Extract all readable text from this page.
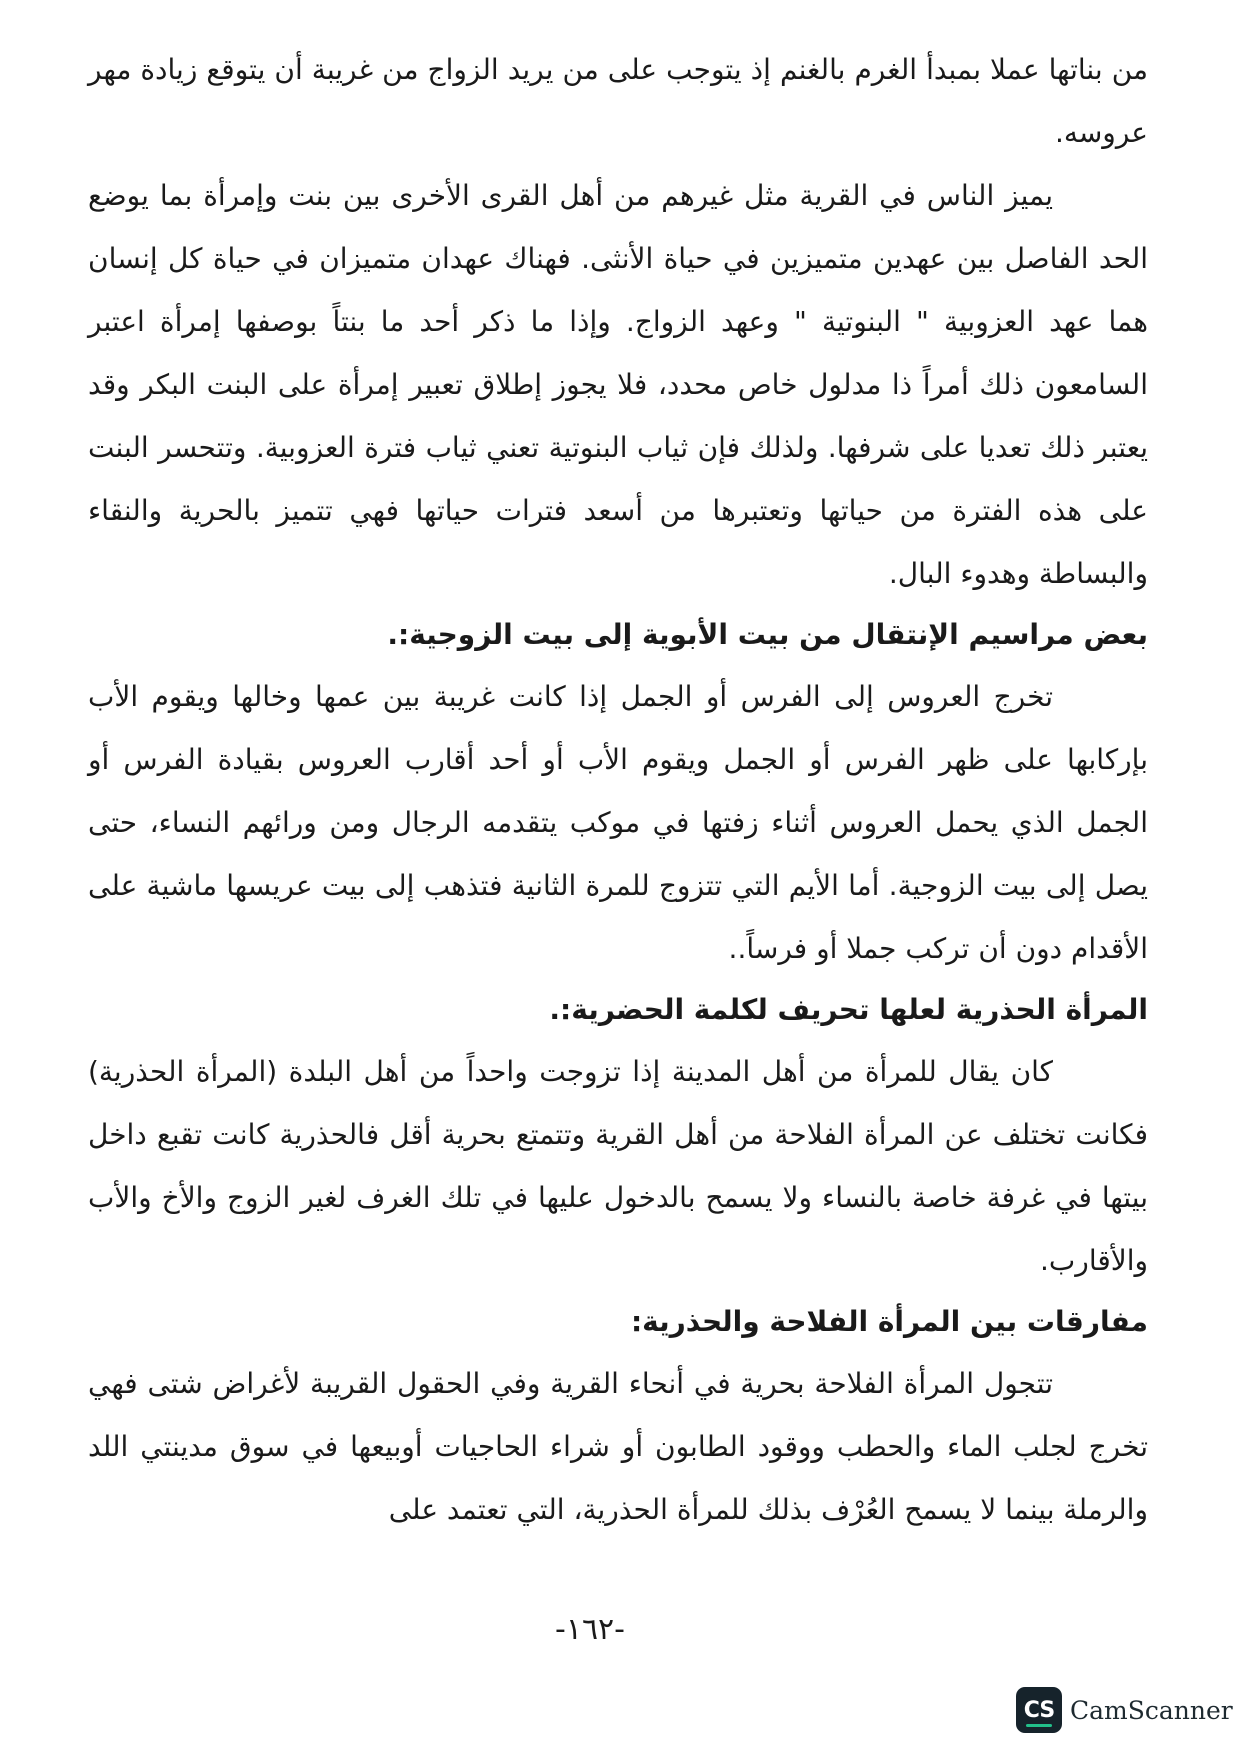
من بناتها عملا بمبدأ الغرم بالغنم إذ يتوجب على من يريد الزواج من غريبة أن يتوقع زيادة مهر عروسه.

يميز الناس في القرية مثل غيرهم من أهل القرى الأخرى بين بنت وإمرأة بما يوضع الحد الفاصل بين عهدين متميزين في حياة الأنثى. فهناك عهدان متميزان في حياة كل إنسان هما عهد العزوبية " البنوتية " وعهد الزواج. وإذا ما ذكر أحد ما بنتاً بوصفها إمرأة اعتبر السامعون ذلك أمراً ذا مدلول خاص محدد، فلا يجوز إطلاق تعبير إمرأة على البنت البكر وقد يعتبر ذلك تعديا على شرفها. ولذلك فإن ثياب البنوتية تعني ثياب فترة العزوبية. وتتحسر البنت على هذه الفترة من حياتها وتعتبرها من أسعد فترات حياتها فهي تتميز بالحرية والنقاء والبساطة وهدوء البال.

بعض مراسيم الإنتقال من بيت الأبوية إلى بيت الزوجية:.

تخرج العروس إلى الفرس أو الجمل إذا كانت غريبة بين عمها وخالها ويقوم الأب بإركابها على ظهر الفرس أو الجمل ويقوم الأب أو أحد أقارب العروس بقيادة الفرس أو الجمل الذي يحمل العروس أثناء زفتها في موكب يتقدمه الرجال ومن ورائهم النساء، حتى يصل إلى بيت الزوجية. أما الأيم التي تتزوج للمرة الثانية فتذهب إلى بيت عريسها ماشية على الأقدام دون أن تركب جملا أو فرساً..

المرأة الحذرية لعلها تحريف لكلمة الحضرية:.

كان يقال للمرأة من أهل المدينة إذا تزوجت واحداً من أهل البلدة (المرأة الحذرية) فكانت تختلف عن المرأة الفلاحة من أهل القرية وتتمتع بحرية أقل فالحذرية كانت تقبع داخل بيتها في غرفة خاصة بالنساء ولا يسمح بالدخول عليها في تلك الغرف لغير الزوج والأخ والأب والأقارب.

مفارقات بين المرأة الفلاحة والحذرية:

تتجول المرأة الفلاحة بحرية في أنحاء القرية وفي الحقول القريبة لأغراض شتى فهي تخرج لجلب الماء والحطب ووقود الطابون أو شراء الحاجيات أوبيعها في سوق مدينتي اللد والرملة بينما لا يسمح العُرْف بذلك للمرأة الحذرية، التي تعتمد على

-١٦٢-
CS CamScanner
